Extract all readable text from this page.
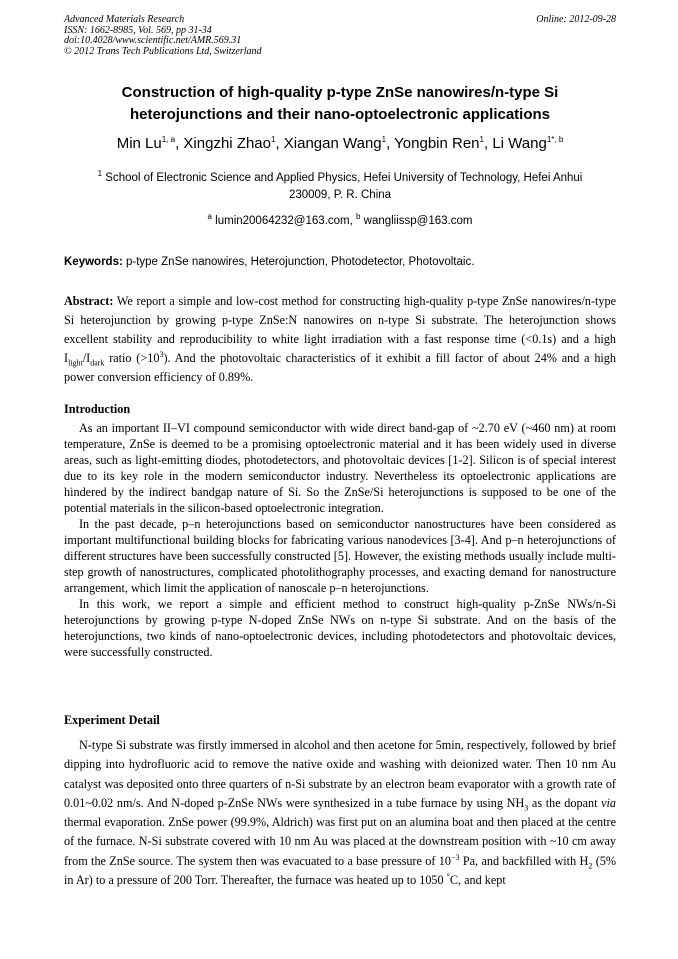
Advanced Materials Research
ISSN: 1662-8985, Vol. 569, pp 31-34
doi:10.4028/www.scientific.net/AMR.569.31
© 2012 Trans Tech Publications Ltd, Switzerland
Online: 2012-09-28
Construction of high-quality p-type ZnSe nanowires/n-type Si
heterojunctions and their nano-optoelectronic applications
Min Lu$^{1, a}$, Xingzhi Zhao$^1$, Xiangan Wang$^1$, Yongbin Ren$^1$, Li Wang$^{1*, b}$
$^1$ School of Electronic Science and Applied Physics, Hefei University of Technology, Hefei Anhui
230009, P. R. China
$^a$ lumin20064232@163.com, $^b$ wangliissp@163.com
Keywords: p-type ZnSe nanowires, Heterojunction, Photodetector, Photovoltaic.
Abstract: We report a simple and low-cost method for constructing high-quality p-type ZnSe nanowires/n-type Si heterojunction by growing p-type ZnSe:N nanowires on n-type Si substrate. The heterojunction shows excellent stability and reproducibility to white light irradiation with a fast response time (<0.1s) and a high $I_{light}/I_{dark}$ ratio $(>10^3)$. And the photovoltaic characteristics of it exhibit a fill factor of about 24% and a high power conversion efficiency of 0.89%.
Introduction

As an important II–VI compound semiconductor with wide direct band-gap of ~2.70 eV (~460 nm) at room temperature, ZnSe is deemed to be a promising optoelectronic material and it has been widely used in diverse areas, such as light-emitting diodes, photodetectors, and photovoltaic devices [1-2]. Silicon is of special interest due to its key role in the modern semiconductor industry. Nevertheless its optoelectronic applications are hindered by the indirect bandgap nature of Si. So the ZnSe/Si heterojunctions is supposed to be one of the potential materials in the silicon-based optoelectronic integration.

In the past decade, p–n heterojunctions based on semiconductor nanostructures have been considered as important multifunctional building blocks for fabricating various nanodevices [3-4]. And p–n heterojunctions of different structures have been successfully constructed [5]. However, the existing methods usually include multi-step growth of nanostructures, complicated photolithography processes, and exacting demand for nanostructure arrangement, which limit the application of nanoscale p–n heterojunctions.

In this work, we report a simple and efficient method to construct high-quality p-ZnSe NWs/n-Si heterojunctions by growing p-type N-doped ZnSe NWs on n-type Si substrate. And on the basis of the heterojunctions, two kinds of nano-optoelectronic devices, including photodetectors and photovoltaic devices, were successfully constructed.

Experiment Detail

N-type Si substrate was firstly immersed in alcohol and then acetone for 5min, respectively, followed by brief dipping into hydrofluoric acid to remove the native oxide and washing with deionized water. Then 10 nm Au catalyst was deposited onto three quarters of n-Si substrate by an electron beam evaporator with a growth rate of 0.01~0.02 nm/s. And N-doped p-ZnSe NWs were synthesized in a tube furnace by using $NH_3$ as the dopant via thermal evaporation. ZnSe power (99.9%, Aldrich) was first put on an alumina boat and then placed at the centre of the furnace. N-Si substrate covered with 10 nm Au was placed at the downstream position with ~10 cm away from the ZnSe source. The system then was evacuated to a base pressure of $10^{-3}$ Pa, and backfilled with $H_2$ (5% in Ar) to a pressure of 200 Torr. Thereafter, the furnace was heated up to 1050 °C, and kept
